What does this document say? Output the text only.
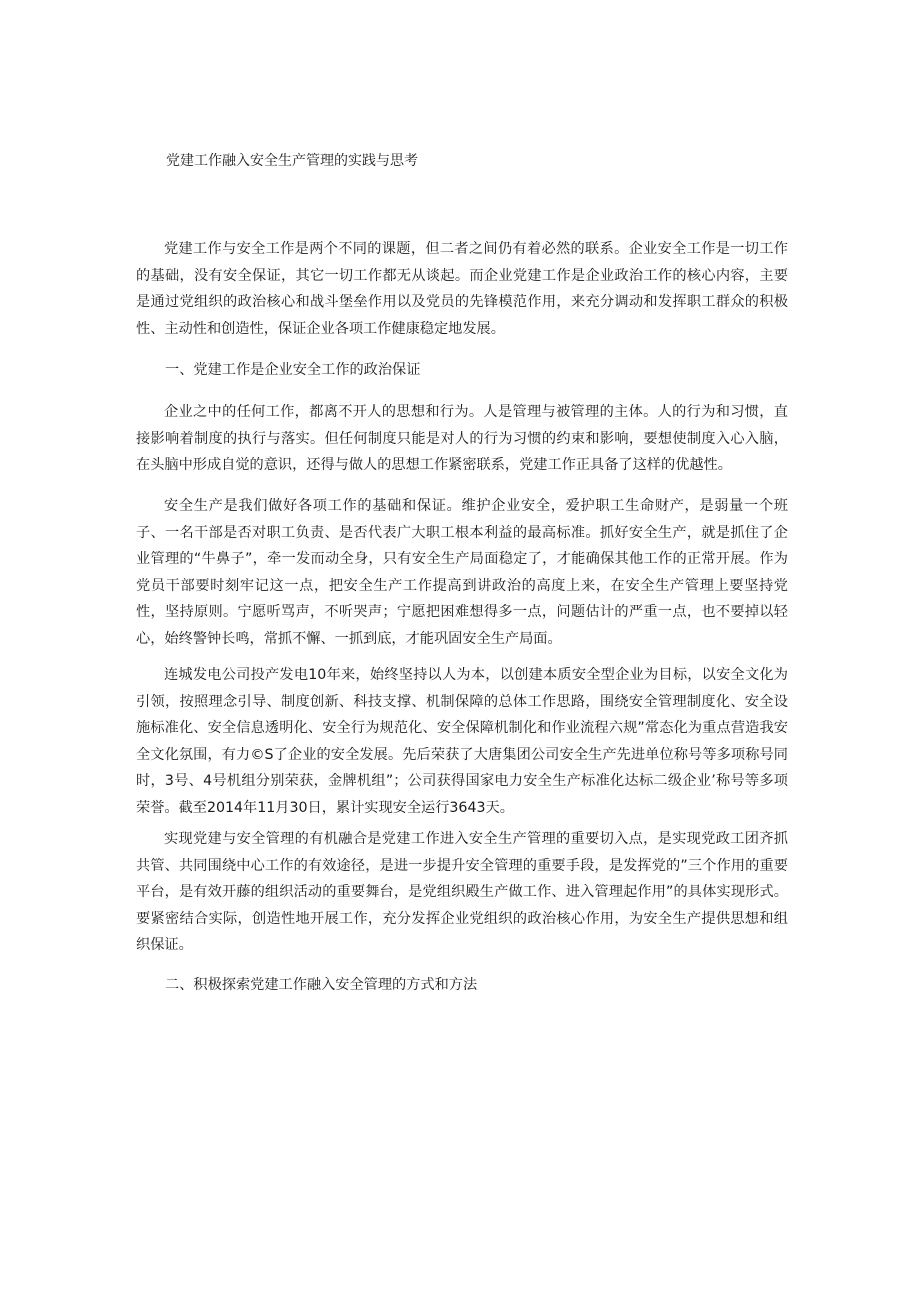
党建工作融入安全生产管理的实践与思考

党建工作与安全工作是两个不同的课题，但二者之间仍有着必然的联系。企业安全工作是一切工作的基础，没有安全保证，其它一切工作都无从谈起。而企业党建工作是企业政治工作的核心内容，主要是通过党组织的政治核心和战斗堡垒作用以及党员的先锋模范作用，来充分调动和发挥职工群众的积极性、主动性和创造性，保证企业各项工作健康稳定地发展。

一、党建工作是企业安全工作的政治保证

企业之中的任何工作，都离不开人的思想和行为。人是管理与被管理的主体。人的行为和习惯，直接影响着制度的执行与落实。但任何制度只能是对人的行为习惯的约束和影响，要想使制度入心入脑，在头脑中形成自觉的意识，还得与做人的思想工作紧密联系，党建工作正具备了这样的优越性。

安全生产是我们做好各项工作的基础和保证。维护企业安全，爱护职工生命财产，是弱量一个班子、一名干部是否对职工负责、是否代表广大职工根本利益的最高标准。抓好安全生产，就是抓住了企业管理的“牛鼻子”，牵一发而动全身，只有安全生产局面稳定了，才能确保其他工作的正常开展。作为党员干部要时刻牢记这一点，把安全生产工作提高到讲政治的高度上来，在安全生产管理上要坚持党性，坚持原则。宁愿听骂声，不听哭声；宁愿把困难想得多一点，问题估计的严重一点，也不要掉以轻心，始终警钟长鸣，常抓不懈、一抓到底，才能巩固安全生产局面。

连城发电公司投产发电10年来，始终坚持以人为本，以创建本质安全型企业为目标，以安全文化为引领，按照理念引导、制度创新、科技支撑、机制保障的总体工作思路，围绕安全管理制度化、安全设施标准化、安全信息透明化、安全行为规范化、安全保障机制化和作业流程六规”常态化为重点营造我安全文化氛围，有力©S了企业的安全发展。先后荣获了大唐集团公司安全生产先进单位称号等多项称号同时，3号、4号机组分别荣获，金牌机组”；公司获得国家电力安全生产标准化达标二级企业’称号等多项荣誉。截至2014年11月30日，累计实现安全运行3643天。

实现党建与安全管理的有机融合是党建工作进入安全生产管理的重要切入点，是实现党政工团齐抓共管、共同围绕中心工作的有效途径，是进一步提升安全管理的重要手段，是发挥党的”三个作用的重要平台，是有效开藤的组织活动的重要舞台，是党组织殿生产做工作、进入管理起作用”的具体实现形式。要紧密结合实际，创造性地开展工作，充分发挥企业党组织的政治核心作用，为安全生产提供思想和组织保证。

二、积极探索党建工作融入安全管理的方式和方法
